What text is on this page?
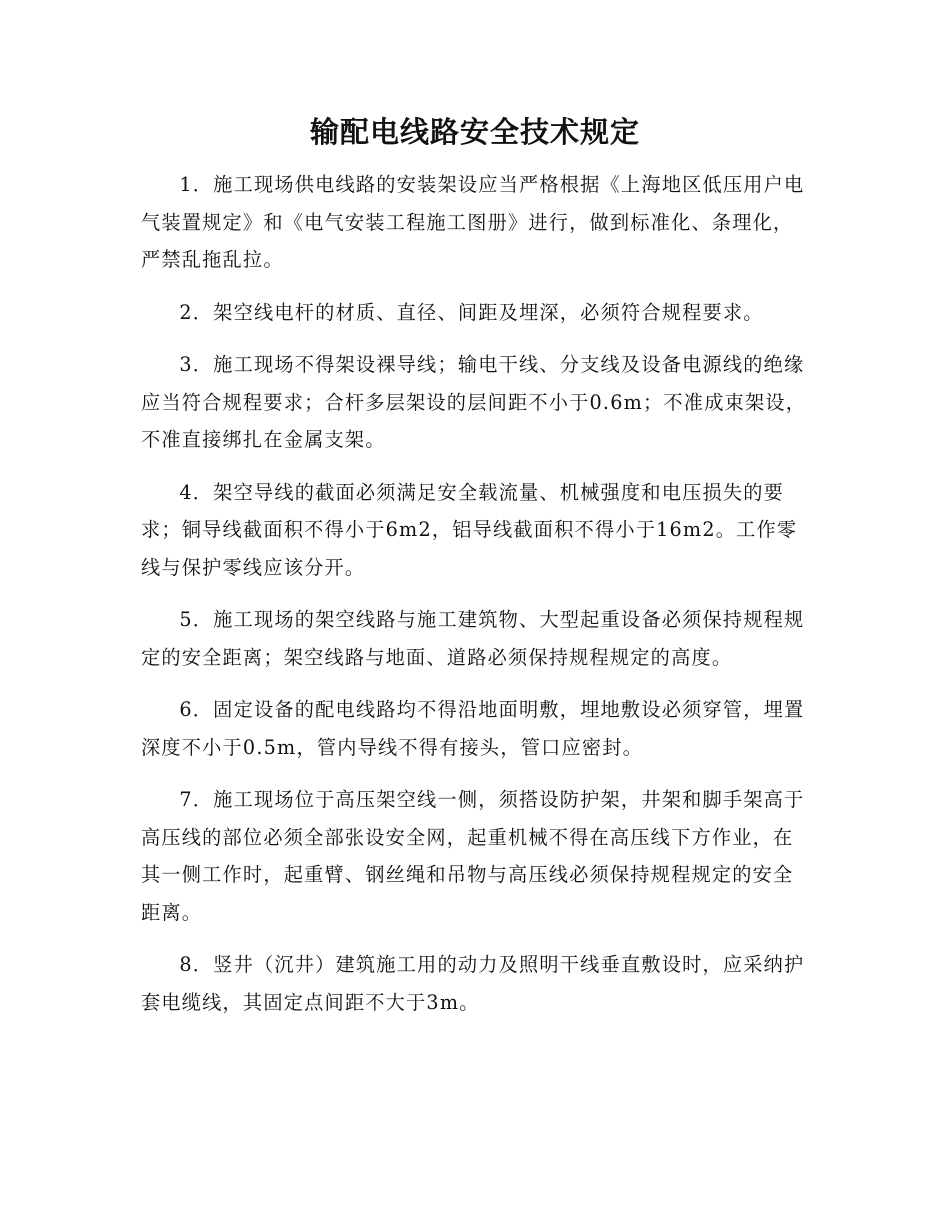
输配电线路安全技术规定

1．施工现场供电线路的安装架设应当严格根据《上海地区低压用户电气装置规定》和《电气安装工程施工图册》进行，做到标准化、条理化，严禁乱拖乱拉。

2．架空线电杆的材质、直径、间距及埋深，必须符合规程要求。

3．施工现场不得架设裸导线；输电干线、分支线及设备电源线的绝缘应当符合规程要求；合杆多层架设的层间距不小于0.6m；不准成束架设，不准直接绑扎在金属支架。

4．架空导线的截面必须满足安全载流量、机械强度和电压损失的要求；铜导线截面积不得小于6m2，铝导线截面积不得小于16m2。工作零线与保护零线应该分开。

5．施工现场的架空线路与施工建筑物、大型起重设备必须保持规程规定的安全距离；架空线路与地面、道路必须保持规程规定的高度。

6．固定设备的配电线路均不得沿地面明敷，埋地敷设必须穿管，埋置深度不小于0.5m，管内导线不得有接头，管口应密封。

7．施工现场位于高压架空线一侧，须搭设防护架，井架和脚手架高于高压线的部位必须全部张设安全网，起重机械不得在高压线下方作业，在其一侧工作时，起重臂、钢丝绳和吊物与高压线必须保持规程规定的安全距离。

8．竖井（沉井）建筑施工用的动力及照明干线垂直敷设时，应采纳护套电缆线，其固定点间距不大于3m。
